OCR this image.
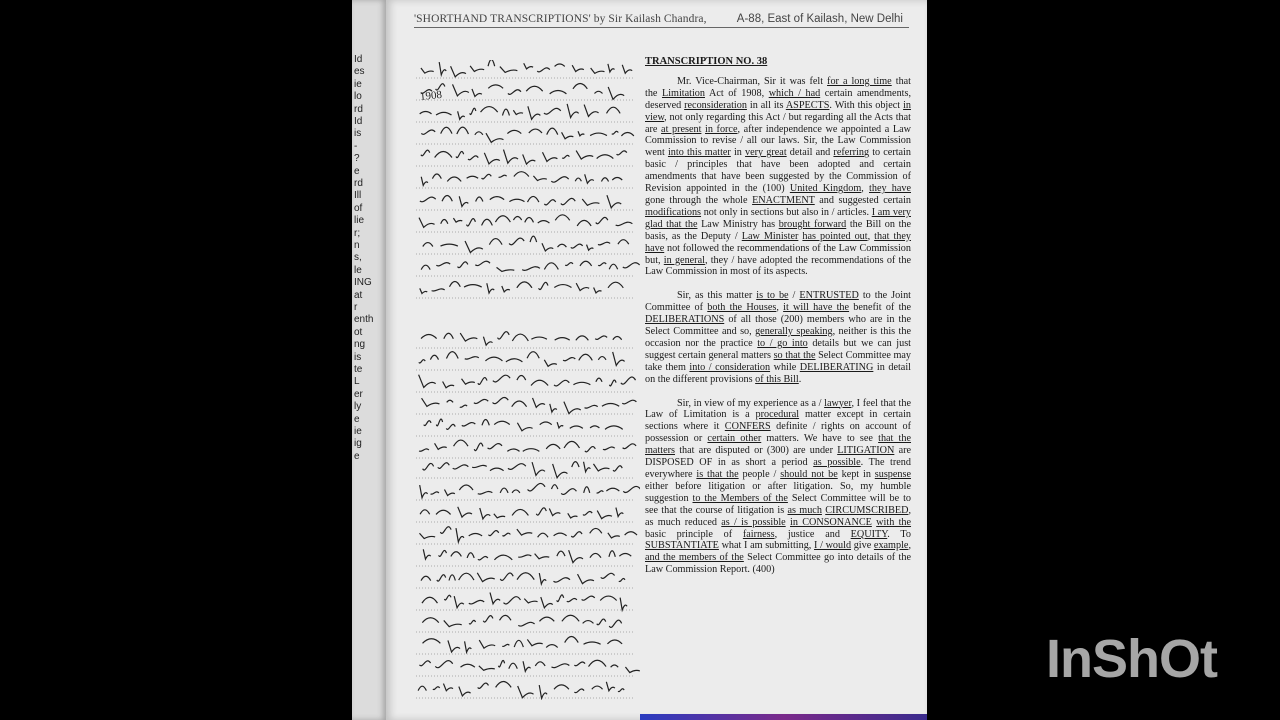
Id
es
ie
lo
rd
Id
is
-
?
e
rd
Ill
of
lie
r;
n
s,
le
ING
at
r
enth
ot
ng
is
te
L
er
ly
e
ie
ig
e
'SHORTHAND TRANSCRIPTIONS' by Sir Kailash Chandra,	A-88, East of Kailash, New Delhi
1908
TRANSCRIPTION NO. 38

Mr. Vice-Chairman, Sir it was felt for a long time that the Limitation Act of 1908, which / had certain amendments, deserved reconsideration in all its ASPECTS. With this object in view, not only regarding this Act / but regarding all the Acts that are at present in force, after independence we appointed a Law Commission to revise / all our laws. Sir, the Law Commission went into this matter in very great detail and referring to certain basic / principles that have been adopted and certain amendments that have been suggested by the Commission of Revision appointed in the (100) United Kingdom, they have gone through the whole ENACTMENT and suggested certain modifications not only in sections but also in / articles. I am very glad that the Law Ministry has brought forward the Bill on the basis, as the Deputy / Law Minister has pointed out, that they have not followed the recommendations of the Law Commission but, in general, they / have adopted the recommendations of the Law Commission in most of its aspects.

Sir, as this matter is to be / ENTRUSTED to the Joint Committee of both the Houses, it will have the benefit of the DELIBERATIONS of all those (200) members who are in the Select Committee and so, generally speaking, neither is this the occasion nor the practice to / go into details but we can just suggest certain general matters so that the Select Committee may take them into / consideration while DELIBERATING in detail on the different provisions of this Bill.

Sir, in view of my experience as a / lawyer, I feel that the Law of Limitation is a procedural matter except in certain sections where it CONFERS definite / rights on account of possession or certain other matters. We have to see that the matters that are disputed or (300) are under LITIGATION are DISPOSED OF in as short a period as possible. The trend everywhere is that the people / should not be kept in suspense either before litigation or after litigation. So, my humble suggestion to the Members of the Select Committee will be to see that the course of litigation is as much CIRCUMSCRIBED, as much reduced as / is possible in CONSONANCE with the basic principle of fairness, justice and EQUITY. To SUBSTANTIATE what I am submitting, I / would give example, and the members of the Select Committee go into details of the Law Commission Report. (400)

InShOt
